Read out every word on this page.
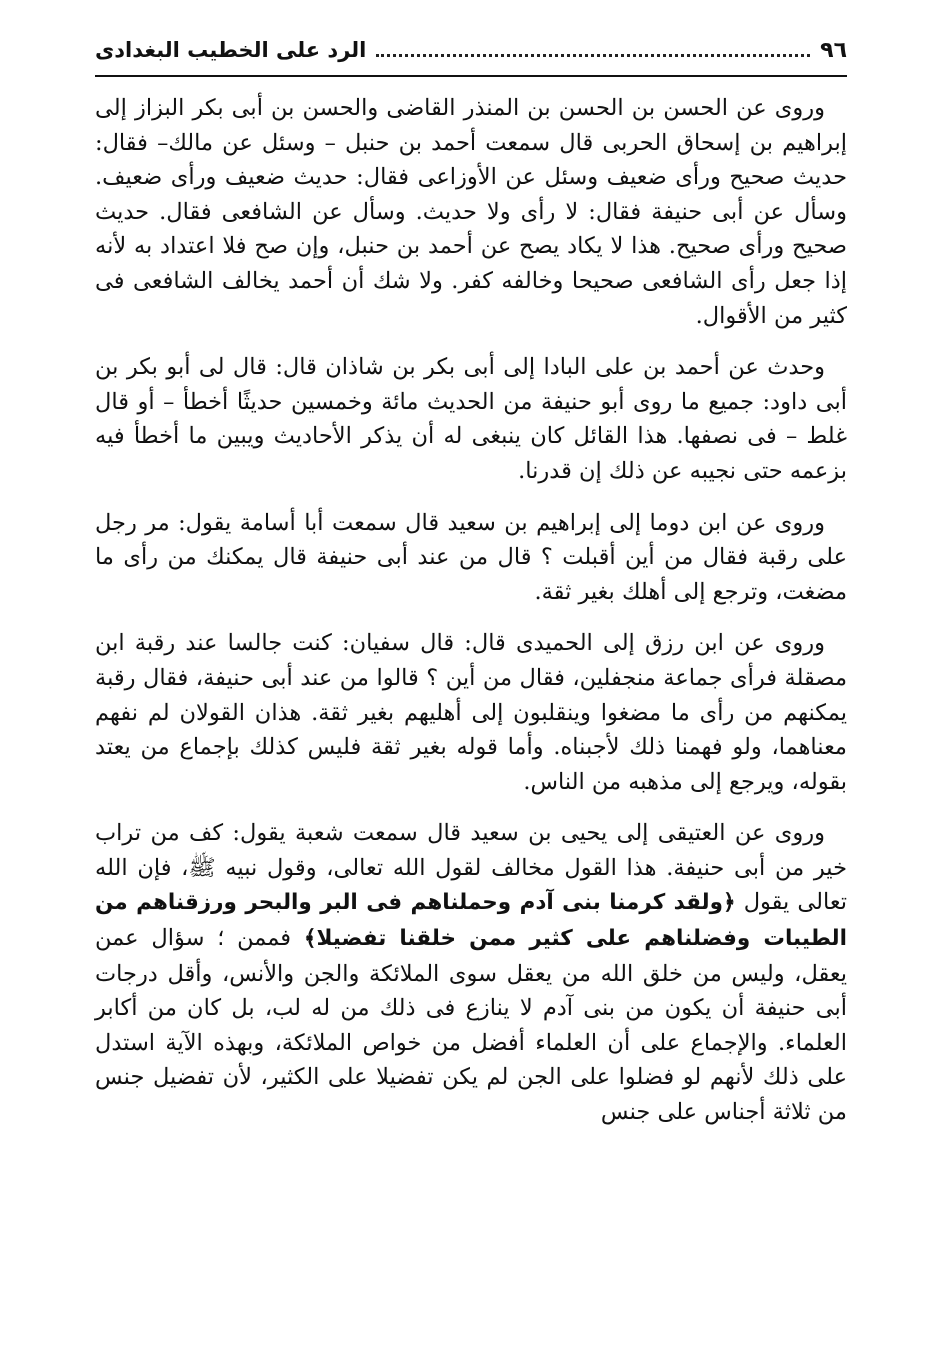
٩٦
الرد على الخطيب البغدادى

وروى عن الحسن بن الحسن بن المنذر القاضى والحسن بن أبى بكر البزاز إلى إبراهيم بن إسحاق الحربى قال سمعت أحمد بن حنبل – وسئل عن مالك– فقال: حديث صحيح ورأى ضعيف وسئل عن الأوزاعى فقال: حديث ضعيف ورأى ضعيف. وسأل عن أبى حنيفة فقال: لا رأى ولا حديث. وسأل عن الشافعى فقال. حديث صحيح ورأى صحيح. هذا لا يكاد يصح عن أحمد بن حنبل، وإن صح فلا اعتداد به لأنه إذا جعل رأى الشافعى صحيحا وخالفه كفر. ولا شك أن أحمد يخالف الشافعى فى كثير من الأقوال.

وحدث عن أحمد بن على البادا إلى أبى بكر بن شاذان قال: قال لى أبو بكر بن أبى داود: جميع ما روى أبو حنيفة من الحديث مائة وخمسين حديثًا أخطأ – أو قال غلط – فى نصفها. هذا القائل كان ينبغى له أن يذكر الأحاديث ويبين ما أخطأ فيه بزعمه حتى نجيبه عن ذلك إن قدرنا.

وروى عن ابن دوما إلى إبراهيم بن سعيد قال سمعت أبا أسامة يقول: مر رجل على رقبة فقال من أين أقبلت ؟ قال من عند أبى حنيفة قال يمكنك من رأى ما مضغت، وترجع إلى أهلك بغير ثقة.

وروى عن ابن رزق إلى الحميدى قال: قال سفيان: كنت جالسا عند رقبة ابن مصقلة فرأى جماعة منجفلين، فقال من أين ؟ قالوا من عند أبى حنيفة، فقال رقبة يمكنهم من رأى ما مضغوا وينقلبون إلى أهليهم بغير ثقة. هذان القولان لم نفهم معناهما، ولو فهمنا ذلك لأجبناه. وأما قوله بغير ثقة فليس كذلك بإجماع من يعتد بقوله، ويرجع إلى مذهبه من الناس.

وروى عن العتيقى إلى يحيى بن سعيد قال سمعت شعبة يقول: كف من تراب خير من أبى حنيفة. هذا القول مخالف لقول الله تعالى، وقول نبيه ﷺ، فإن الله تعالى يقول ﴿ولقد كرمنا بنى آدم وحملناهم فى البر والبحر ورزقناهم من الطيبات وفضلناهم على كثير ممن خلقنا تفضيلا﴾ فممن ؛ سؤال عمن يعقل، وليس من خلق الله من يعقل سوى الملائكة والجن والأنس، وأقل درجات أبى حنيفة أن يكون من بنى آدم لا ينازع فى ذلك من له لب، بل كان من أكابر العلماء. والإجماع على أن العلماء أفضل من خواص الملائكة، وبهذه الآية استدل على ذلك لأنهم لو فضلوا على الجن لم يكن تفضيلا على الكثير، لأن تفضيل جنس من ثلاثة أجناس على جنس
